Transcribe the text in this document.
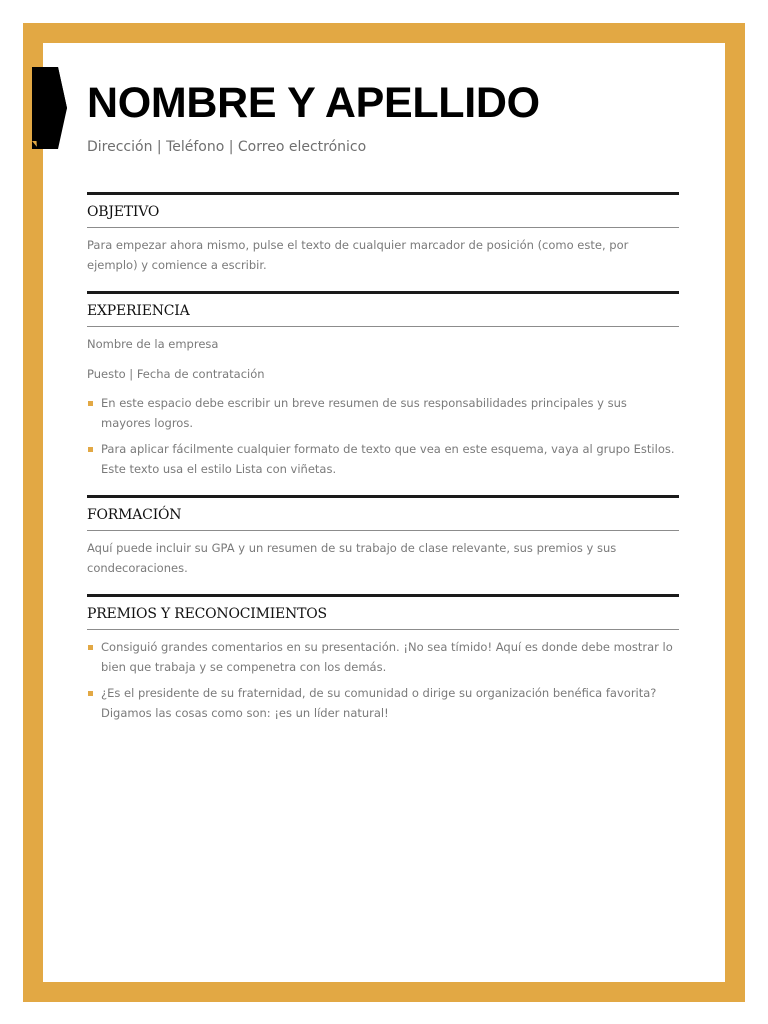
NOMBRE Y APELLIDO
Dirección | Teléfono | Correo electrónico
OBJETIVO

Para empezar ahora mismo, pulse el texto de cualquier marcador de posición (como este, por ejemplo) y comience a escribir.

EXPERIENCIA

Nombre de la empresa

Puesto | Fecha de contratación

En este espacio debe escribir un breve resumen de sus responsabilidades principales y sus mayores logros.
Para aplicar fácilmente cualquier formato de texto que vea en este esquema, vaya al grupo Estilos. Este texto usa el estilo Lista con viñetas.
FORMACIÓN

Aquí puede incluir su GPA y un resumen de su trabajo de clase relevante, sus premios y sus condecoraciones.

PREMIOS Y RECONOCIMIENTOS
Consiguió grandes comentarios en su presentación. ¡No sea tímido! Aquí es donde debe mostrar lo bien que trabaja y se compenetra con los demás.
¿Es el presidente de su fraternidad, de su comunidad o dirige su organización benéfica favorita? Digamos las cosas como son: ¡es un líder natural!
